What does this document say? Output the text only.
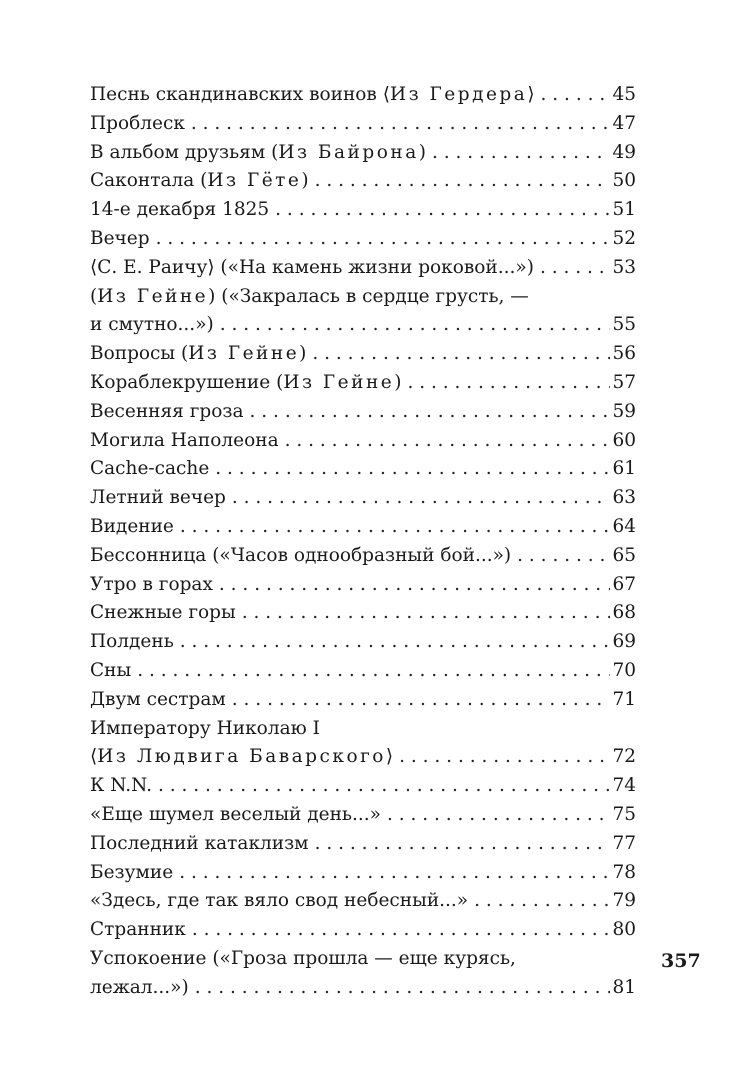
Песнь скандинавских воинов ⟨Из Гердера⟩ . . .	45
Проблеск . . .	47
В альбом друзьям (Из Байрона) . . .	49
Саконтала (Из Гёте) . . .	50
14-е декабря 1825 . . .	51
Вечер . . .	52
⟨С. Е. Раичу⟩ («На камень жизни роковой...») . . .	53
(Из Гейне) («Закралась в сердце грусть, —
и смутно...») . . .	55
Вопросы (Из Гейне) . . .	56
Кораблекрушение (Из Гейне) . . .	57
Весенняя гроза . . .	59
Могила Наполеона . . .	60
Cache-cache . . .	61
Летний вечер . . .	63
Видение . . .	64
Бессонница («Часов однообразный бой...») . . .	65
Утро в горах . . .	67
Снежные горы . . .	68
Полдень . . .	69
Сны . . .	70
Двум сестрам . . .	71
Императору Николаю I
⟨Из Людвига Баварского⟩ . . .	72
К N.N. . . .	74
«Еще шумел веселый день...» . . .	75
Последний катаклизм . . .	77
Безумие . . .	78
«Здесь, где так вяло свод небесный...» . . .	79
Странник . . .	80
Успокоение («Гроза прошла — еще курясь,
лежал...») . . .	81
357
